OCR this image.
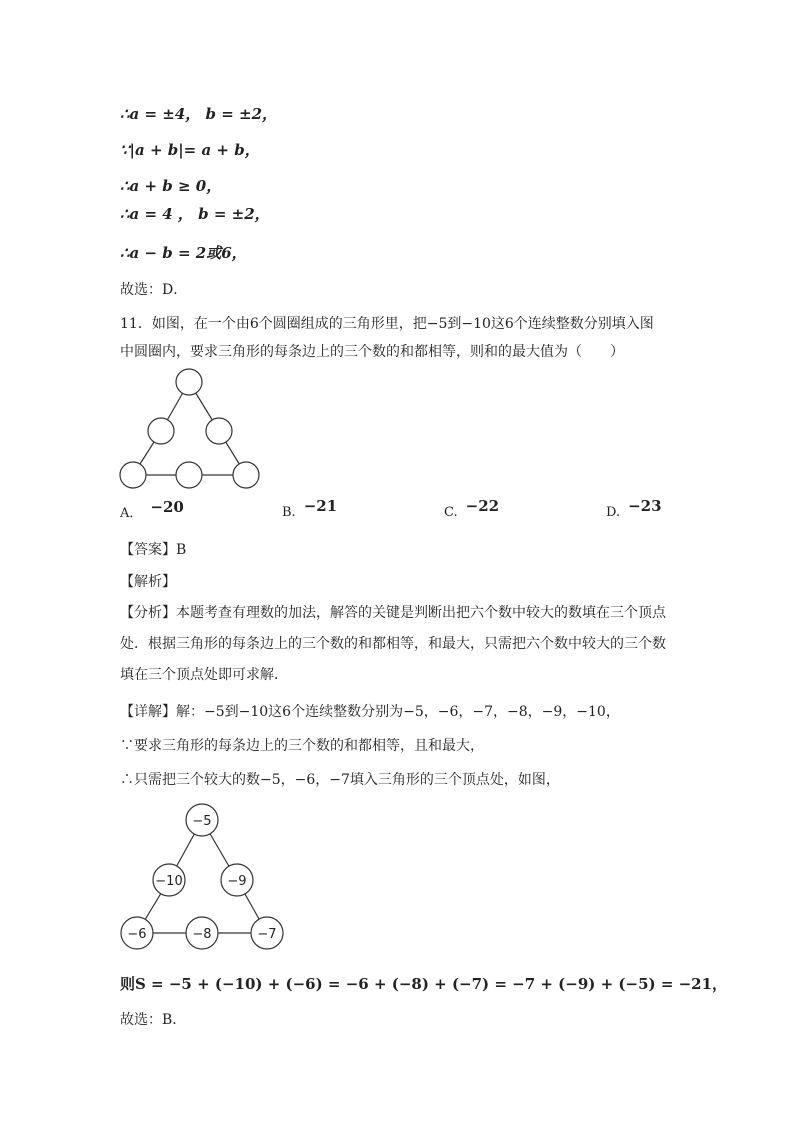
∴a = ±4， b = ±2，
∵|a + b|= a + b，
∴a + b ≥ 0，
∴a = 4 ， b = ±2，
∴a − b = 2或6，
故选：D．
11．如图，在一个由6个圆圈组成的三角形里，把−5到−10这6个连续整数分别填入图
中圆圈内，要求三角形的每条边上的三个数的和都相等，则和的最大值为（　　）
A． −20	B. −21	C. −22	D. −23
【答案】B
【解析】
【分析】本题考查有理数的加法，解答的关键是判断出把六个数中较大的数填在三个顶点
处．根据三角形的每条边上的三个数的和都相等，和最大，只需把六个数中较大的三个数
填在三个顶点处即可求解．
【详解】解：−5到−10这6个连续整数分别为−5，−6，−7，−8，−9，−10，
∵要求三角形的每条边上的三个数的和都相等，且和最大，
∴只需把三个较大的数−5，−6，−7填入三角形的三个顶点处，如图，
−5
−10	−9
−6	−8	−7
则S = −5 + (−10) + (−6) = −6 + (−8) + (−7) = −7 + (−9) + (−5) = −21，
故选：B．
